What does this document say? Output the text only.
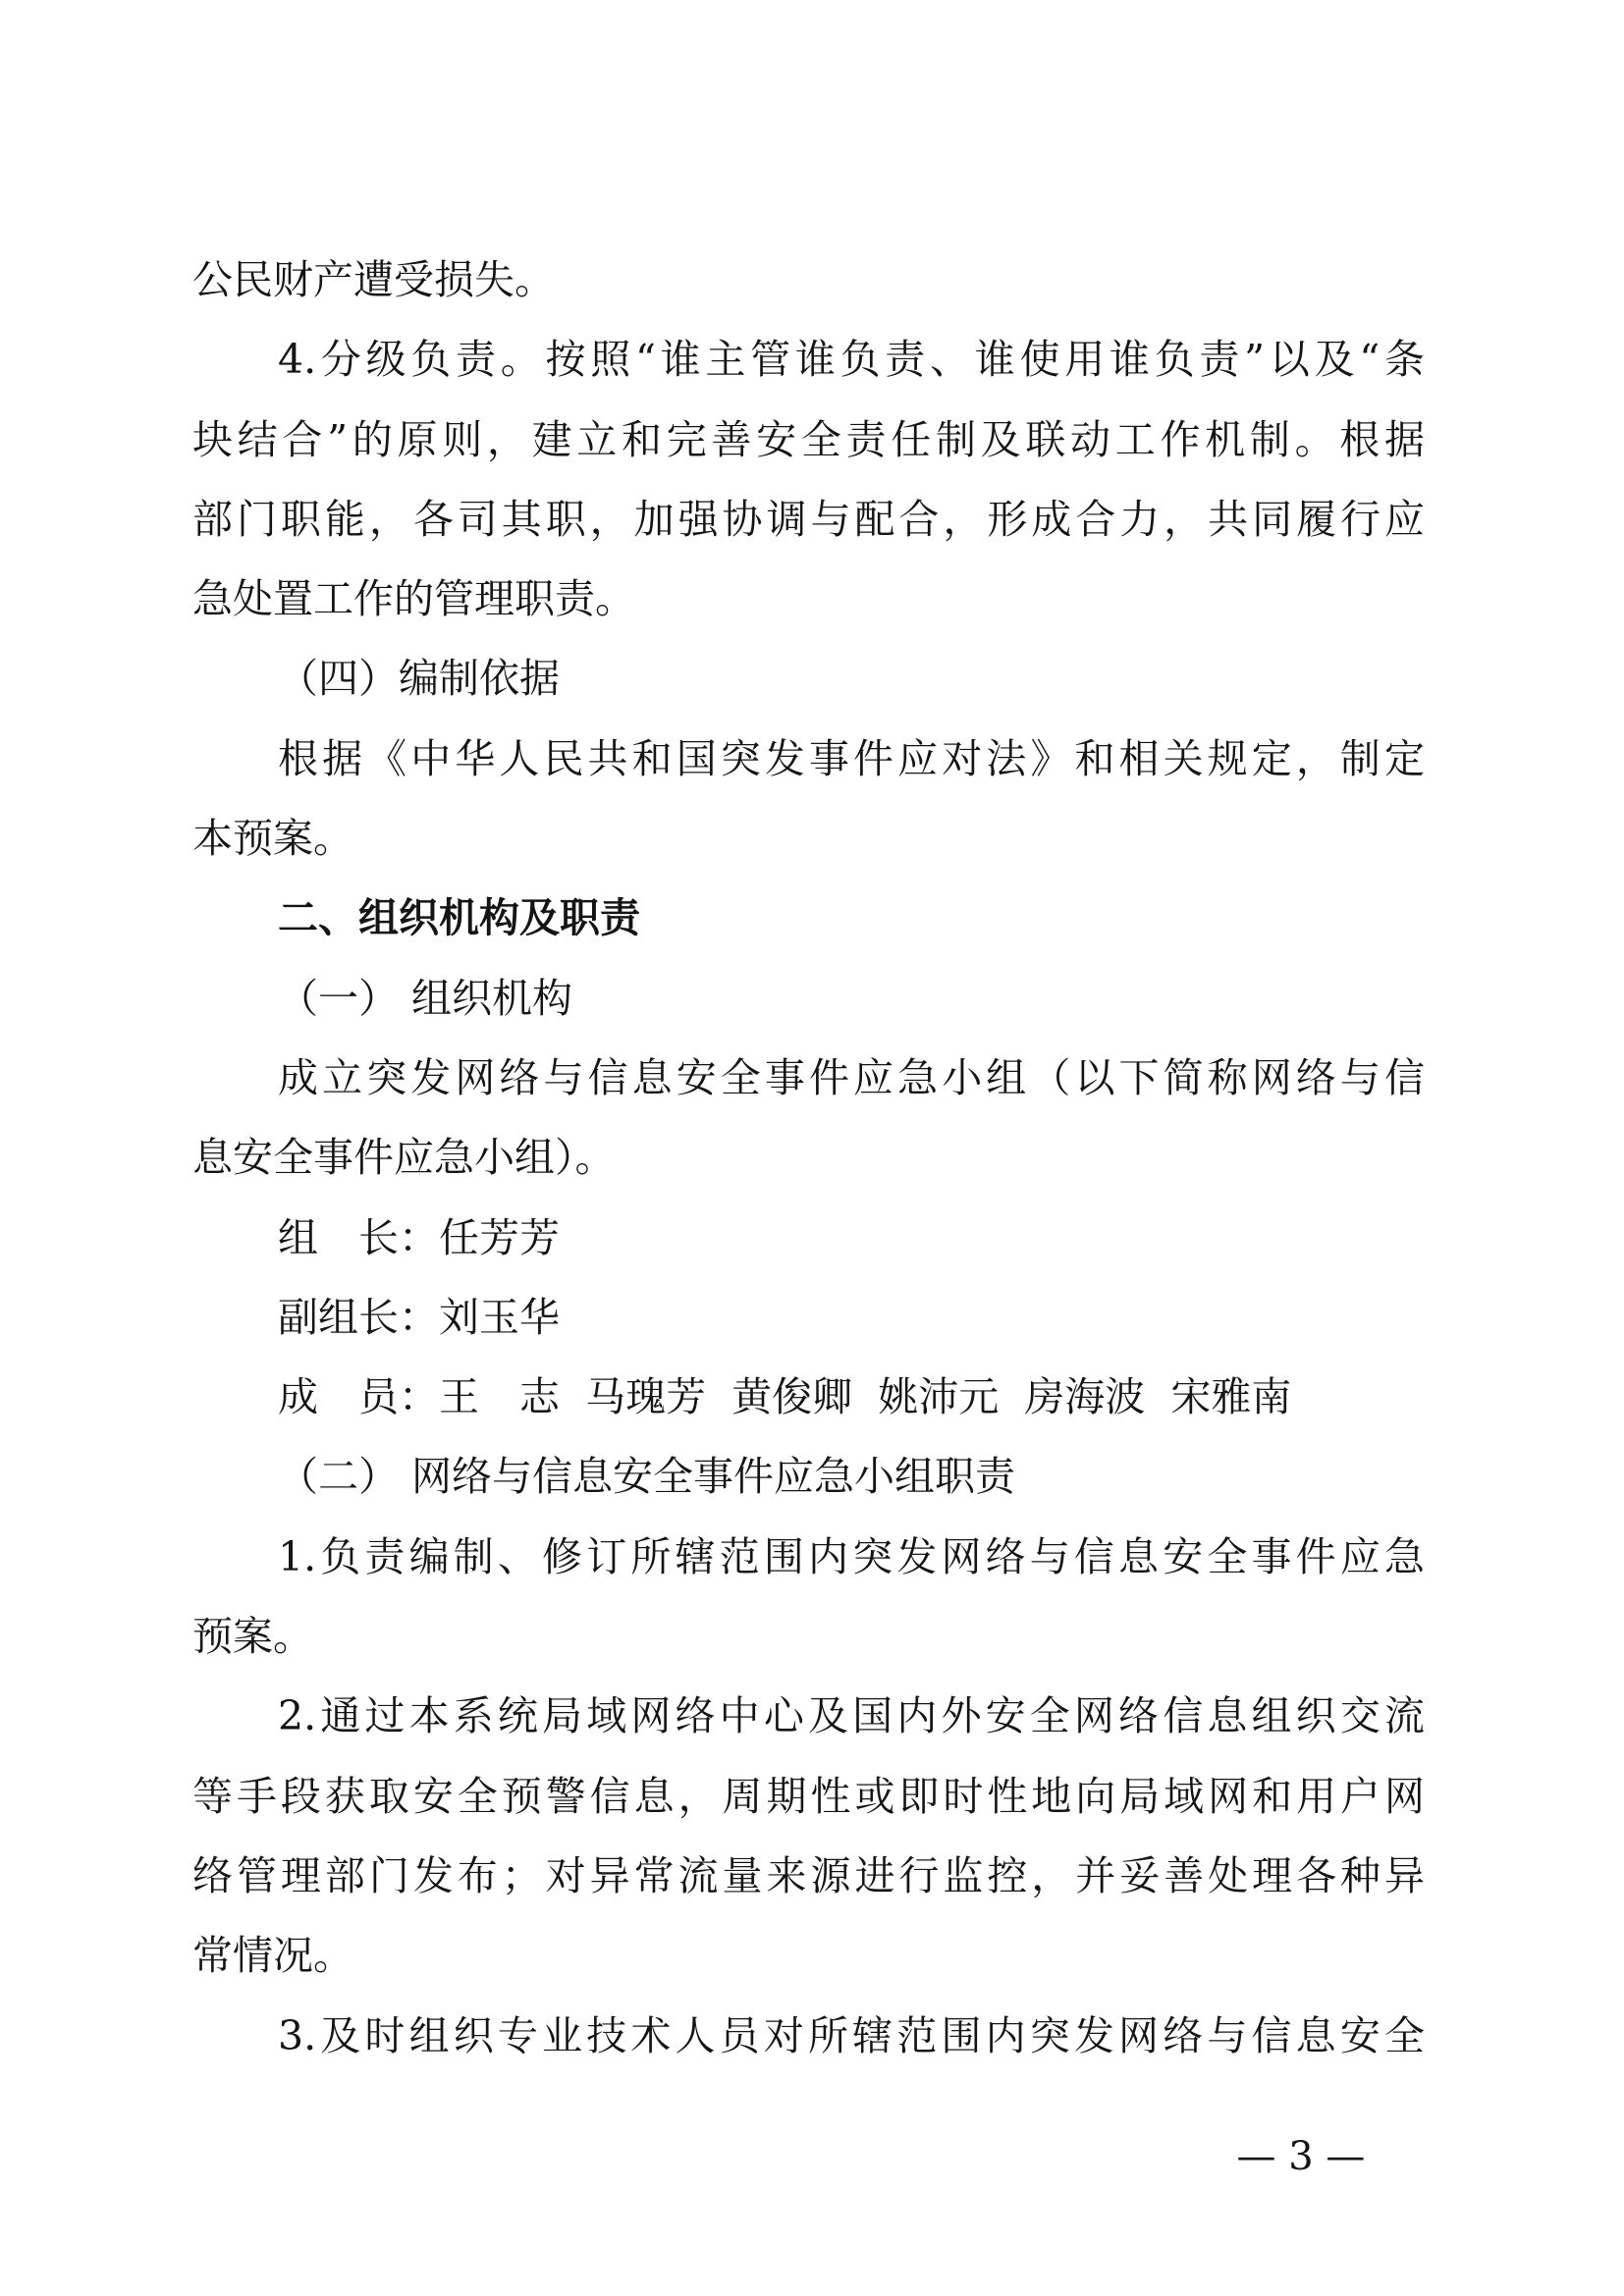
公民财产遭受损失。
4.分级负责。按照“谁主管谁负责、谁使用谁负责”以及“条
块结合”的原则，建立和完善安全责任制及联动工作机制。根据
部门职能，各司其职，加强协调与配合，形成合力，共同履行应
急处置工作的管理职责。
（四）编制依据
根据《中华人民共和国突发事件应对法》和相关规定，制定
本预案。
二、组织机构及职责
（一） 组织机构
成立突发网络与信息安全事件应急小组（以下简称网络与信
息安全事件应急小组）。
组　长：任芳芳
副组长：刘玉华
成　员：王　志  马瑰芳  黄俊卿  姚沛元  房海波  宋雅南
（二） 网络与信息安全事件应急小组职责
1.负责编制、修订所辖范围内突发网络与信息安全事件应急
预案。
2.通过本系统局域网络中心及国内外安全网络信息组织交流
等手段获取安全预警信息，周期性或即时性地向局域网和用户网
络管理部门发布；对异常流量来源进行监控，并妥善处理各种异
常情况。
3.及时组织专业技术人员对所辖范围内突发网络与信息安全
— 3 —
